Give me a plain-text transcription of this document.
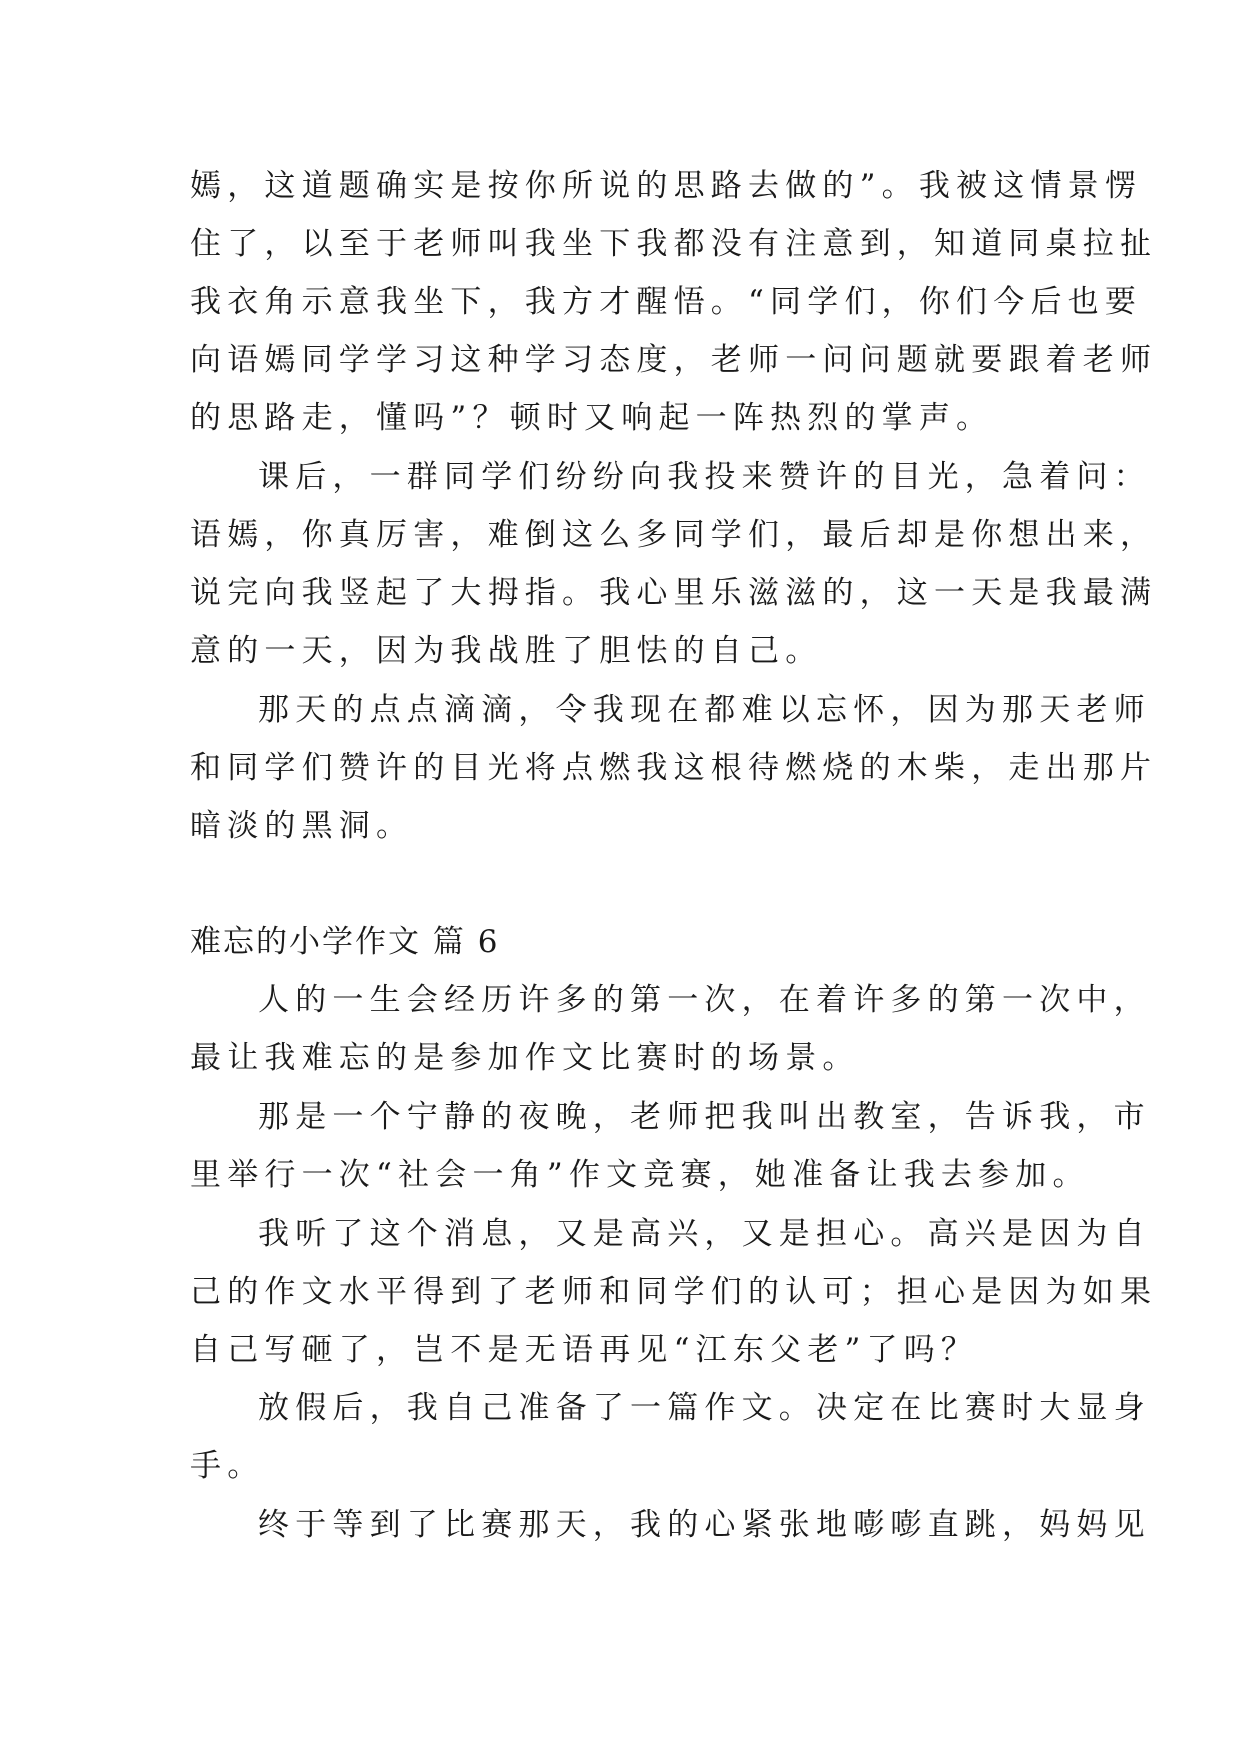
嫣，这道题确实是按你所说的思路去做的”。我被这情景愣
住了，以至于老师叫我坐下我都没有注意到，知道同桌拉扯
我衣角示意我坐下，我方才醒悟。“同学们，你们今后也要
向语嫣同学学习这种学习态度，老师一问问题就要跟着老师
的思路走，懂吗”？顿时又响起一阵热烈的掌声。
课后，一群同学们纷纷向我投来赞许的目光，急着问：
语嫣，你真厉害，难倒这么多同学们，最后却是你想出来，
说完向我竖起了大拇指。我心里乐滋滋的，这一天是我最满
意的一天，因为我战胜了胆怯的自己。
那天的点点滴滴，令我现在都难以忘怀，因为那天老师
和同学们赞许的目光将点燃我这根待燃烧的木柴，走出那片
暗淡的黑洞。
难忘的小学作文 篇 6
人的一生会经历许多的第一次，在着许多的第一次中，
最让我难忘的是参加作文比赛时的场景。
那是一个宁静的夜晚，老师把我叫出教室，告诉我，市
里举行一次“社会一角”作文竞赛，她准备让我去参加。
我听了这个消息，又是高兴，又是担心。高兴是因为自
己的作文水平得到了老师和同学们的认可；担心是因为如果
自己写砸了，岂不是无语再见“江东父老”了吗？
放假后，我自己准备了一篇作文。决定在比赛时大显身
手。
终于等到了比赛那天，我的心紧张地嘭嘭直跳，妈妈见
